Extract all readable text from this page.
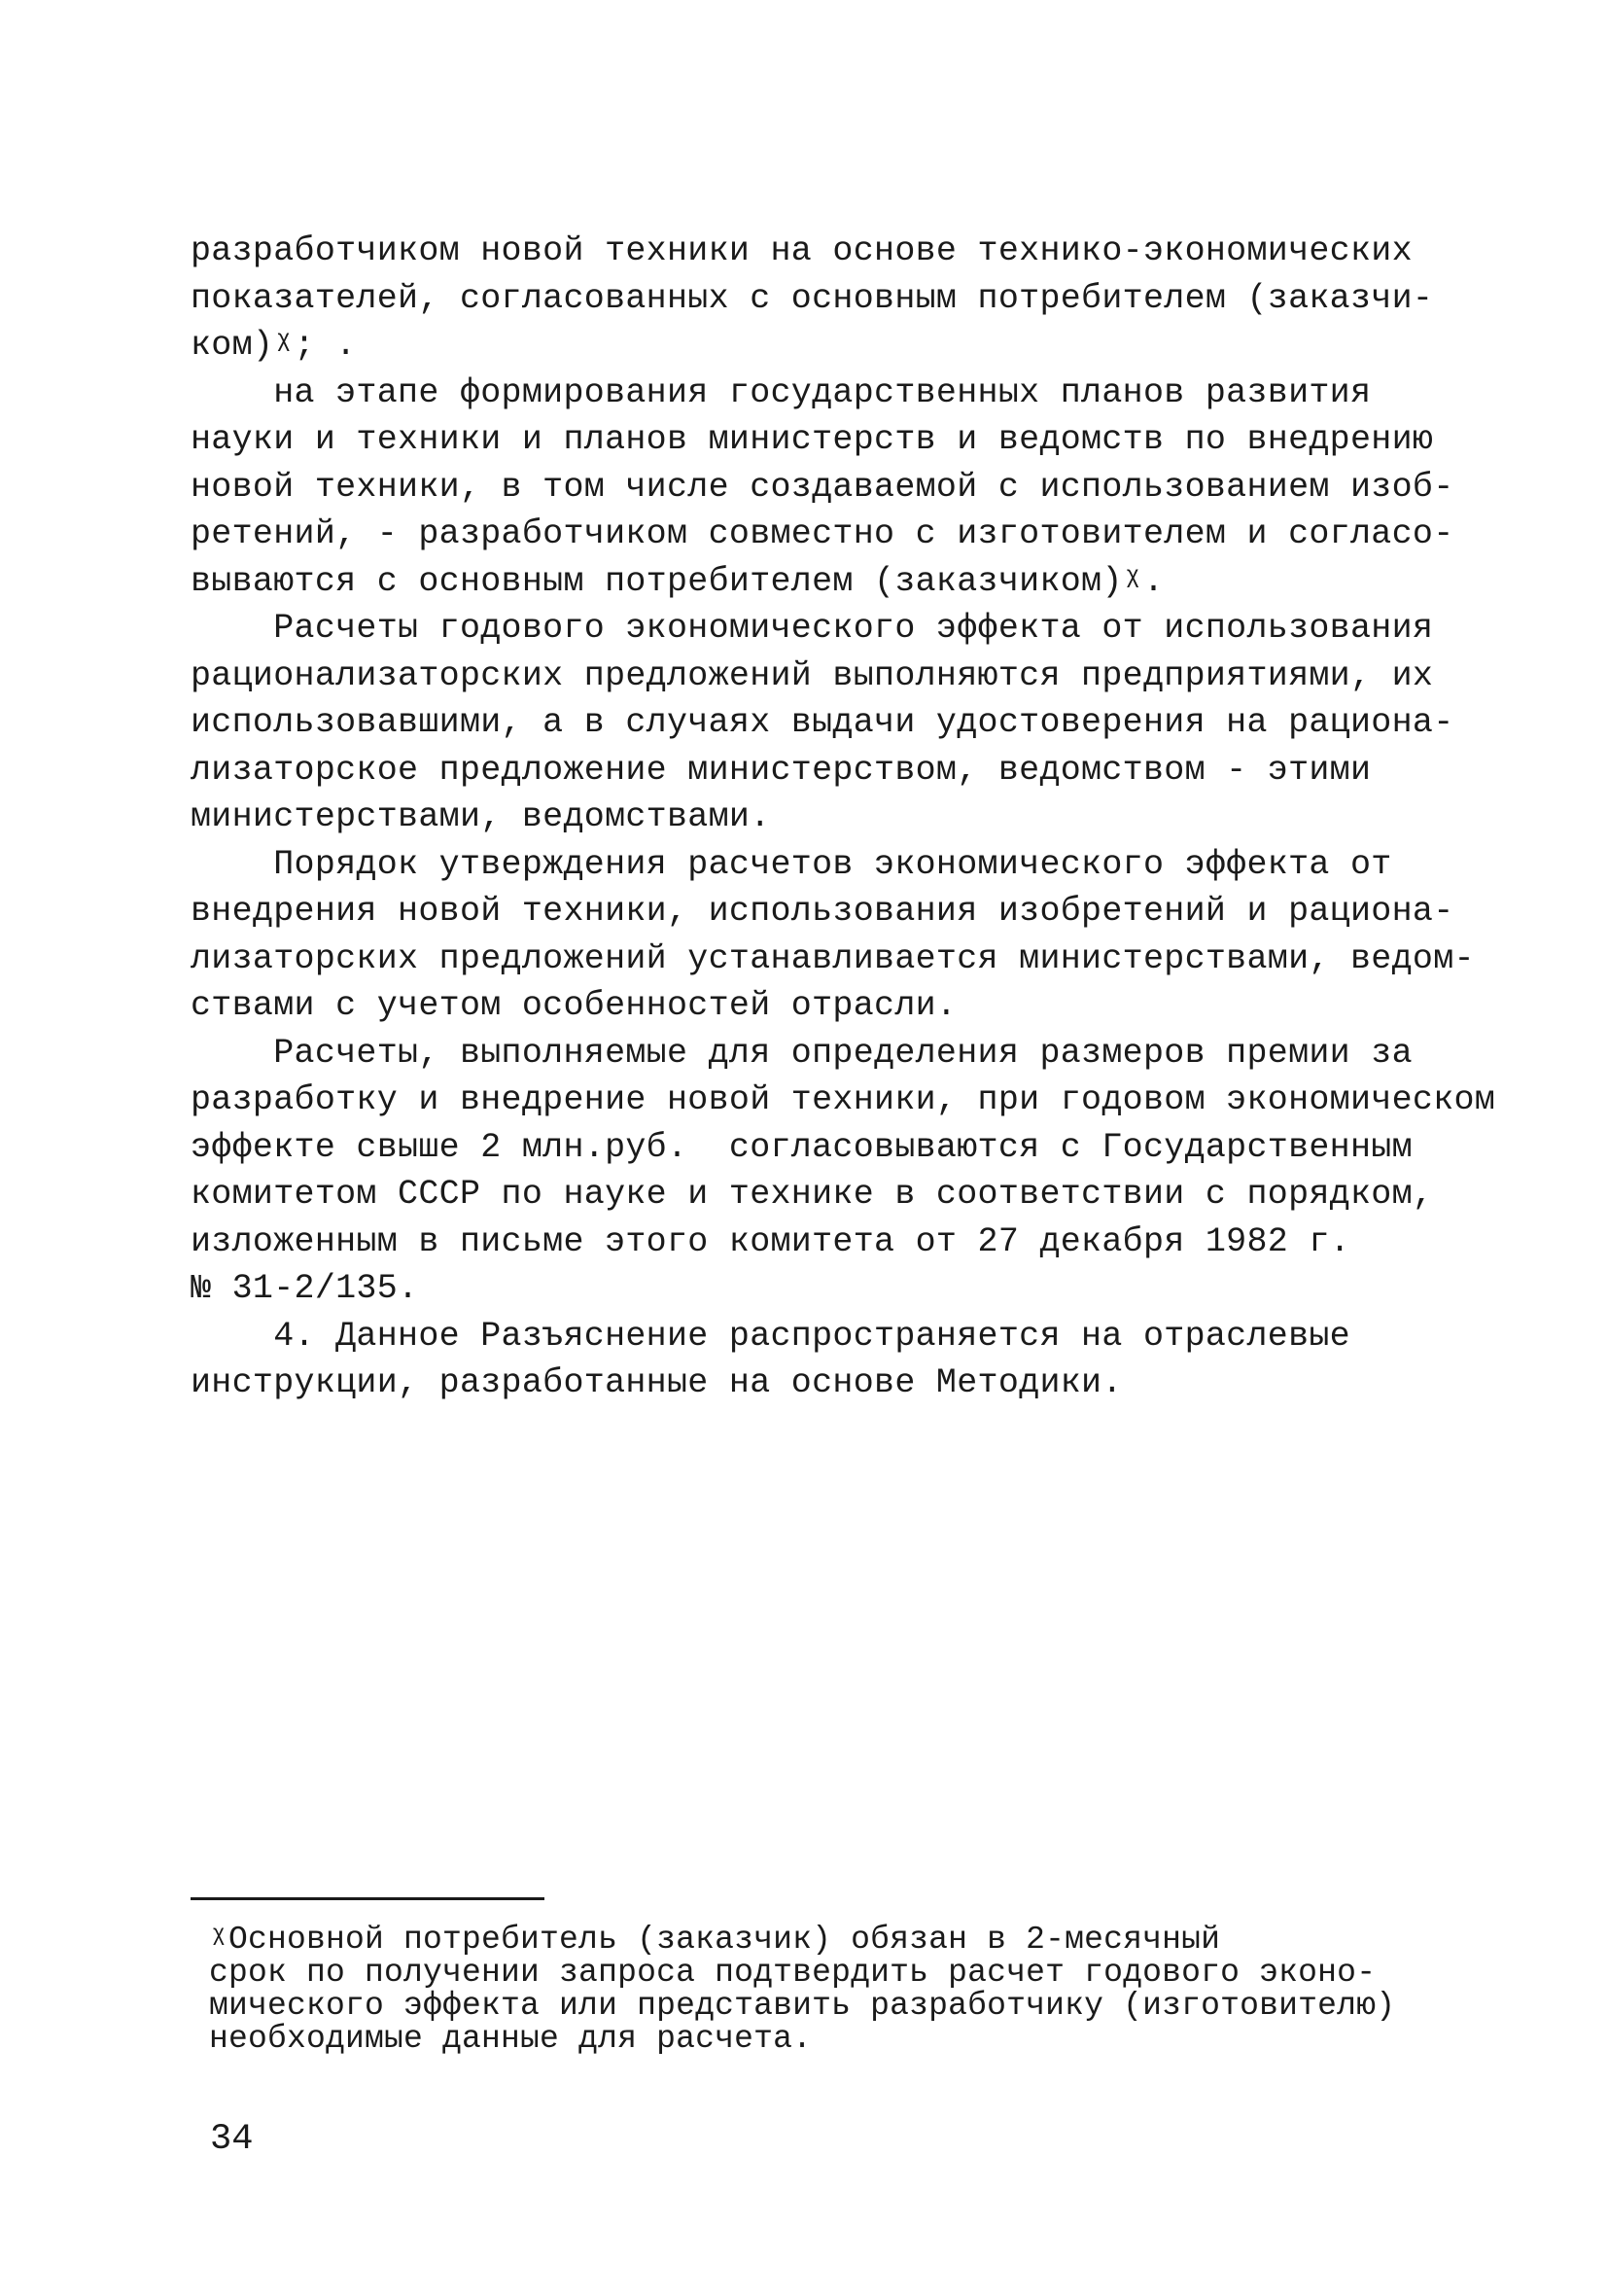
разработчиком новой техники на основе технико-экономических
показателей, согласованных с основным потребителем (заказчи-
ком)ᵡ; .
на этапе формирования государственных планов развития
науки и техники и планов министерств и ведомств по внедрению
новой техники, в том числе создаваемой с использованием изоб-
ретений, - разработчиком совместно с изготовителем и согласо-
вываются с основным потребителем (заказчиком)ᵡ.
Расчеты годового экономического эффекта от использования
рационализаторских предложений выполняются предприятиями, их
использовавшими, а в случаях выдачи удостоверения на рациона-
лизаторское предложение министерством, ведомством - этими
министерствами, ведомствами.
Порядок утверждения расчетов экономического эффекта от
внедрения новой техники, использования изобретений и рациона-
лизаторских предложений устанавливается министерствами, ведом-
ствами с учетом особенностей отрасли.
Расчеты, выполняемые для определения размеров премии за
разработку и внедрение новой техники, при годовом экономическом
эффекте свыше 2 млн.руб.  согласовываются с Государственным
комитетом СССР по науке и технике в соответствии с порядком,
изложенным в письме этого комитета от 27 декабря 1982 г.
№ 31-2/135.
4. Данное Разъяснение распространяется на отраслевые
инструкции, разработанные на основе Методики.
ᵡОсновной потребитель (заказчик) обязан в 2-месячный
срок по получении запроса подтвердить расчет годового эконо-
мического эффекта или представить разработчику (изготовителю)
необходимые данные для расчета.
34
